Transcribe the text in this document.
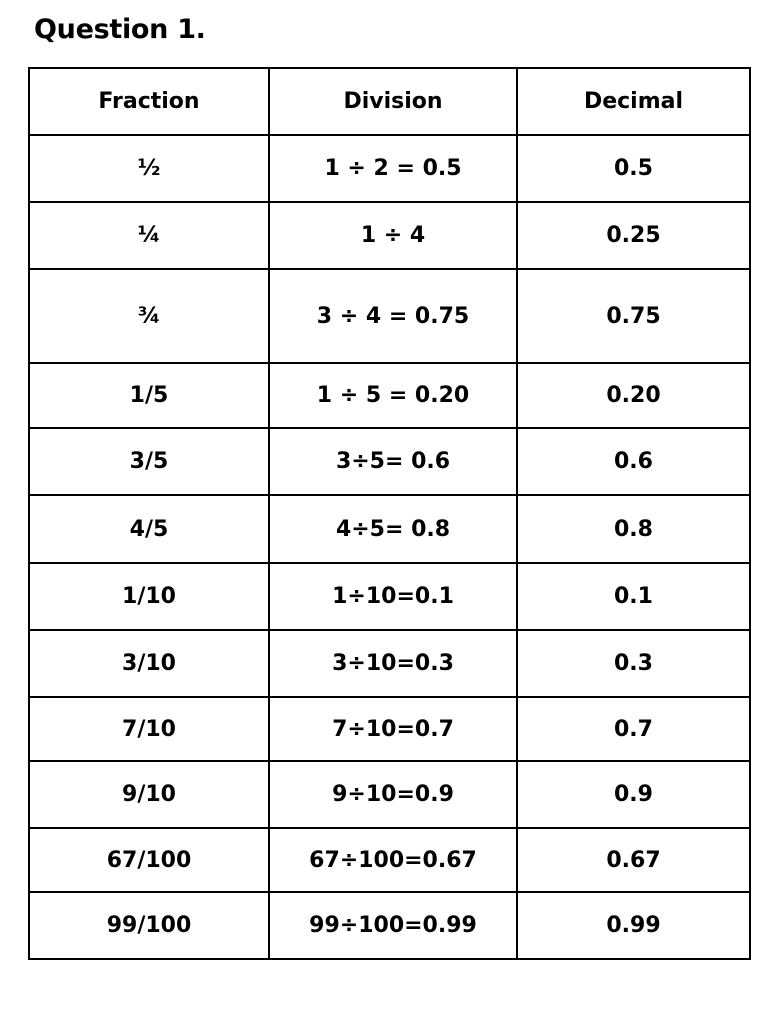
Question 1.
Fraction	Division	Decimal
½	1 ÷ 2 = 0.5	0.5
¼	1 ÷ 4	0.25
¾	3 ÷ 4 = 0.75	0.75
1/5	1 ÷ 5 = 0.20	0.20
3/5	3÷5= 0.6	0.6
4/5	4÷5= 0.8	0.8
1/10	1÷10=0.1	0.1
3/10	3÷10=0.3	0.3
7/10	7÷10=0.7	0.7
9/10	9÷10=0.9	0.9
67/100	67÷100=0.67	0.67
99/100	99÷100=0.99	0.99
